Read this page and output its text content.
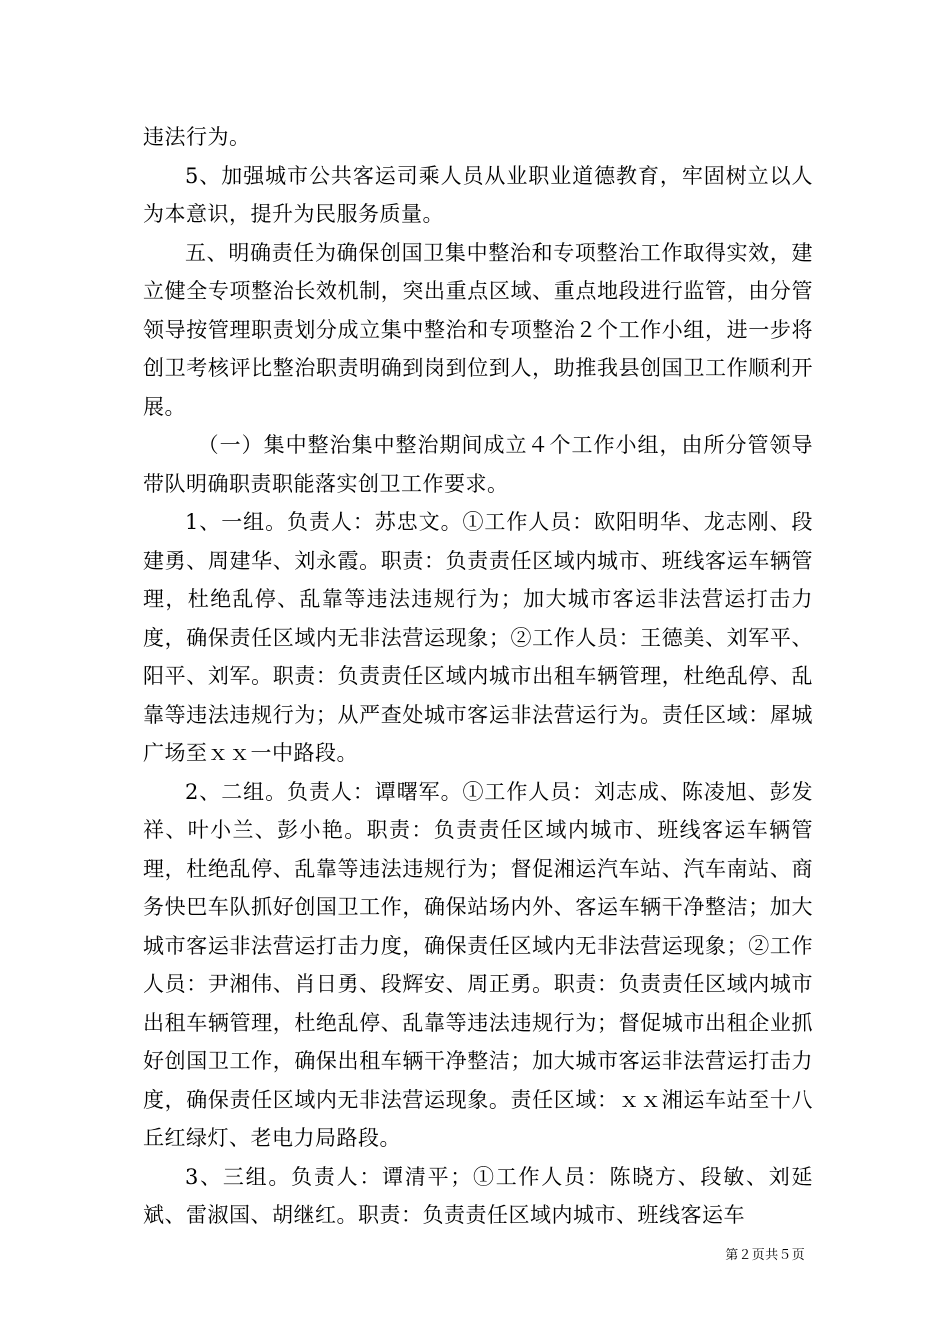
违法行为。

5、加强城市公共客运司乘人员从业职业道德教育，牢固树立以人为本意识，提升为民服务质量。

五、明确责任为确保创国卫集中整治和专项整治工作取得实效，建立健全专项整治长效机制，突出重点区域、重点地段进行监管，由分管领导按管理职责划分成立集中整治和专项整治２个工作小组，进一步将创卫考核评比整治职责明确到岗到位到人，助推我县创国卫工作顺利开展。

（一）集中整治集中整治期间成立４个工作小组，由所分管领导带队明确职责职能落实创卫工作要求。

1、一组。负责人：苏忠文。①工作人员：欧阳明华、龙志刚、段建勇、周建华、刘永霞。职责：负责责任区域内城市、班线客运车辆管理，杜绝乱停、乱靠等违法违规行为；加大城市客运非法营运打击力度，确保责任区域内无非法营运现象；②工作人员：王德美、刘军平、阳平、刘军。职责：负责责任区域内城市出租车辆管理，杜绝乱停、乱靠等违法违规行为；从严查处城市客运非法营运行为。责任区域：犀城广场至ｘｘ一中路段。

2、二组。负责人：谭曙军。①工作人员：刘志成、陈凌旭、彭发祥、叶小兰、彭小艳。职责：负责责任区域内城市、班线客运车辆管理，杜绝乱停、乱靠等违法违规行为；督促湘运汽车站、汽车南站、商务快巴车队抓好创国卫工作，确保站场内外、客运车辆干净整洁；加大城市客运非法营运打击力度，确保责任区域内无非法营运现象；②工作人员：尹湘伟、肖日勇、段辉安、周正勇。职责：负责责任区域内城市出租车辆管理，杜绝乱停、乱靠等违法违规行为；督促城市出租企业抓好创国卫工作，确保出租车辆干净整洁；加大城市客运非法营运打击力度，确保责任区域内无非法营运现象。责任区域：ｘｘ湘运车站至十八丘红绿灯、老电力局路段。

3、三组。负责人：谭清平；①工作人员：陈晓方、段敏、刘延斌、雷淑国、胡继红。职责：负责责任区域内城市、班线客运车

第２页共５页
